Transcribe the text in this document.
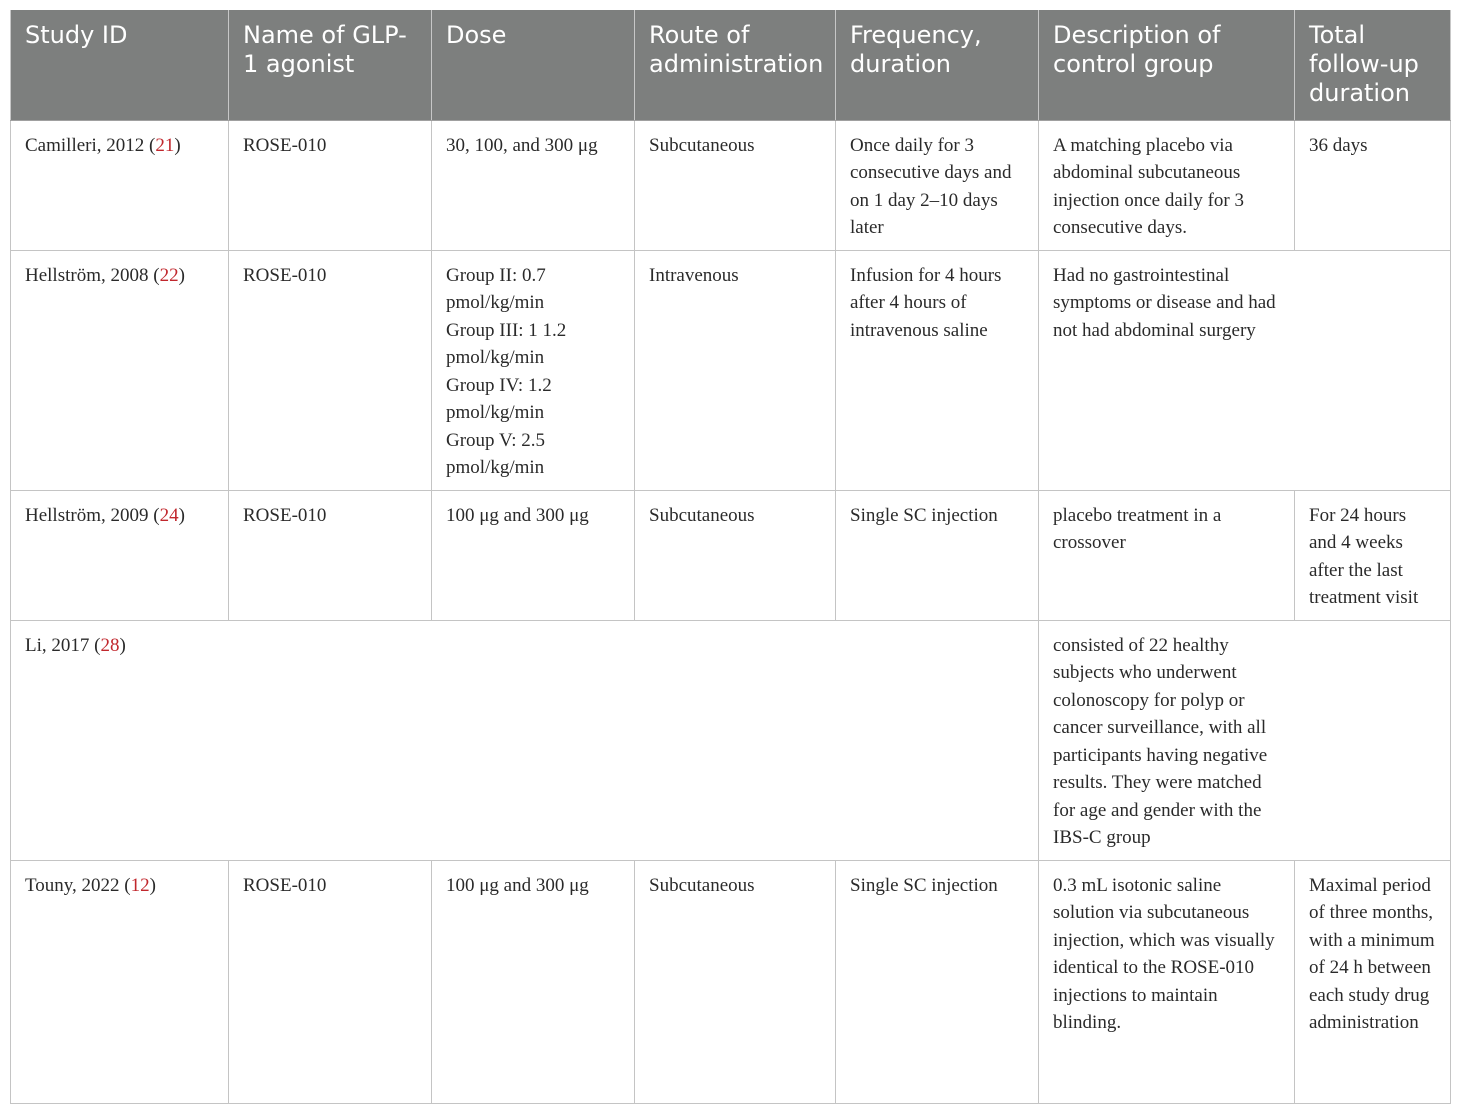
Study ID	Name of GLP-1 agonist	Dose	Route of administration	Frequency, duration	Description of control group	Total follow-up duration
Camilleri, 2012 (21)	ROSE-010	30, 100, and 300 μg	Subcutaneous	Once daily for 3 consecutive days and on 1 day 2–10 days later	A matching placebo via abdominal subcutaneous injection once daily for 3 consecutive days.	36 days
Hellström, 2008 (22)	ROSE-010	Group II: 0.7 pmol/kg/min
Group III: 1 1.2 pmol/kg/min
Group IV: 1.2 pmol/kg/min
Group V: 2.5 pmol/kg/min	Intravenous	Infusion for 4 hours after 4 hours of intravenous saline	Had no gastrointestinal symptoms or disease and had not had abdominal surgery	

Hellström, 2009 (24)	ROSE-010	100 μg and 300 μg	Subcutaneous	Single SC injection	placebo treatment in a crossover	For 24 hours and 4 weeks after the last treatment visit
Li, 2017 (28)					consisted of 22 healthy subjects who underwent colonoscopy for polyp or cancer surveillance, with all participants having negative results. They were matched for age and gender with the IBS-C group	

Touny, 2022 (12)	ROSE-010	100 μg and 300 μg	Subcutaneous	Single SC injection	0.3 mL isotonic saline solution via subcutaneous injection, which was visually identical to the ROSE-010 injections to maintain blinding.	Maximal period of three months, with a minimum of 24 h between each study drug administration
